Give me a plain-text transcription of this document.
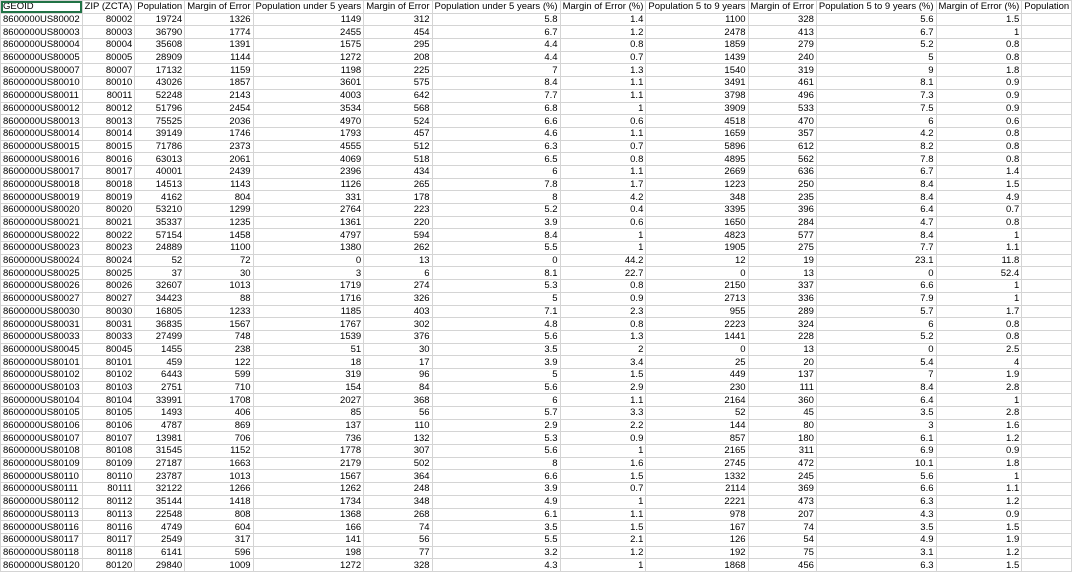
GEOID	ZIP (ZCTA)	Population	Margin of Error	Population under 5 years	Margin of Error	Population under 5 years (%)	Margin of Error (%)	Population 5 to 9 years	Margin of Error	Population 5 to 9 years (%)	Margin of Error (%)	Population
8600000US80002	80002	19724	1326	1149	312	5.8	1.4	1100	328	5.6	1.5	
8600000US80003	80003	36790	1774	2455	454	6.7	1.2	2478	413	6.7	1	
8600000US80004	80004	35608	1391	1575	295	4.4	0.8	1859	279	5.2	0.8	
8600000US80005	80005	28909	1144	1272	208	4.4	0.7	1439	240	5	0.8	
8600000US80007	80007	17132	1159	1198	225	7	1.3	1540	319	9	1.8	
8600000US80010	80010	43026	1857	3601	575	8.4	1.1	3491	461	8.1	0.9	
8600000US80011	80011	52248	2143	4003	642	7.7	1.1	3798	496	7.3	0.9	
8600000US80012	80012	51796	2454	3534	568	6.8	1	3909	533	7.5	0.9	
8600000US80013	80013	75525	2036	4970	524	6.6	0.6	4518	470	6	0.6	
8600000US80014	80014	39149	1746	1793	457	4.6	1.1	1659	357	4.2	0.8	
8600000US80015	80015	71786	2373	4555	512	6.3	0.7	5896	612	8.2	0.8	
8600000US80016	80016	63013	2061	4069	518	6.5	0.8	4895	562	7.8	0.8	
8600000US80017	80017	40001	2439	2396	434	6	1.1	2669	636	6.7	1.4	
8600000US80018	80018	14513	1143	1126	265	7.8	1.7	1223	250	8.4	1.5	
8600000US80019	80019	4162	804	331	178	8	4.2	348	235	8.4	4.9	
8600000US80020	80020	53210	1299	2764	223	5.2	0.4	3395	396	6.4	0.7	
8600000US80021	80021	35337	1235	1361	220	3.9	0.6	1650	284	4.7	0.8	
8600000US80022	80022	57154	1458	4797	594	8.4	1	4823	577	8.4	1	
8600000US80023	80023	24889	1100	1380	262	5.5	1	1905	275	7.7	1.1	
8600000US80024	80024	52	72	0	13	0	44.2	12	19	23.1	11.8	
8600000US80025	80025	37	30	3	6	8.1	22.7	0	13	0	52.4	
8600000US80026	80026	32607	1013	1719	274	5.3	0.8	2150	337	6.6	1	
8600000US80027	80027	34423	88	1716	326	5	0.9	2713	336	7.9	1	
8600000US80030	80030	16805	1233	1185	403	7.1	2.3	955	289	5.7	1.7	
8600000US80031	80031	36835	1567	1767	302	4.8	0.8	2223	324	6	0.8	
8600000US80033	80033	27499	748	1539	376	5.6	1.3	1441	228	5.2	0.8	
8600000US80045	80045	1455	238	51	30	3.5	2	0	13	0	2.5	
8600000US80101	80101	459	122	18	17	3.9	3.4	25	20	5.4	4	
8600000US80102	80102	6443	599	319	96	5	1.5	449	137	7	1.9	
8600000US80103	80103	2751	710	154	84	5.6	2.9	230	111	8.4	2.8	
8600000US80104	80104	33991	1708	2027	368	6	1.1	2164	360	6.4	1	
8600000US80105	80105	1493	406	85	56	5.7	3.3	52	45	3.5	2.8	
8600000US80106	80106	4787	869	137	110	2.9	2.2	144	80	3	1.6	
8600000US80107	80107	13981	706	736	132	5.3	0.9	857	180	6.1	1.2	
8600000US80108	80108	31545	1152	1778	307	5.6	1	2165	311	6.9	0.9	
8600000US80109	80109	27187	1663	2179	502	8	1.6	2745	472	10.1	1.8	
8600000US80110	80110	23787	1013	1567	364	6.6	1.5	1332	245	5.6	1	
8600000US80111	80111	32122	1266	1262	248	3.9	0.7	2114	369	6.6	1.1	
8600000US80112	80112	35144	1418	1734	348	4.9	1	2221	473	6.3	1.2	
8600000US80113	80113	22548	808	1368	268	6.1	1.1	978	207	4.3	0.9	
8600000US80116	80116	4749	604	166	74	3.5	1.5	167	74	3.5	1.5	
8600000US80117	80117	2549	317	141	56	5.5	2.1	126	54	4.9	1.9	
8600000US80118	80118	6141	596	198	77	3.2	1.2	192	75	3.1	1.2	
8600000US80120	80120	29840	1009	1272	328	4.3	1	1868	456	6.3	1.5	
